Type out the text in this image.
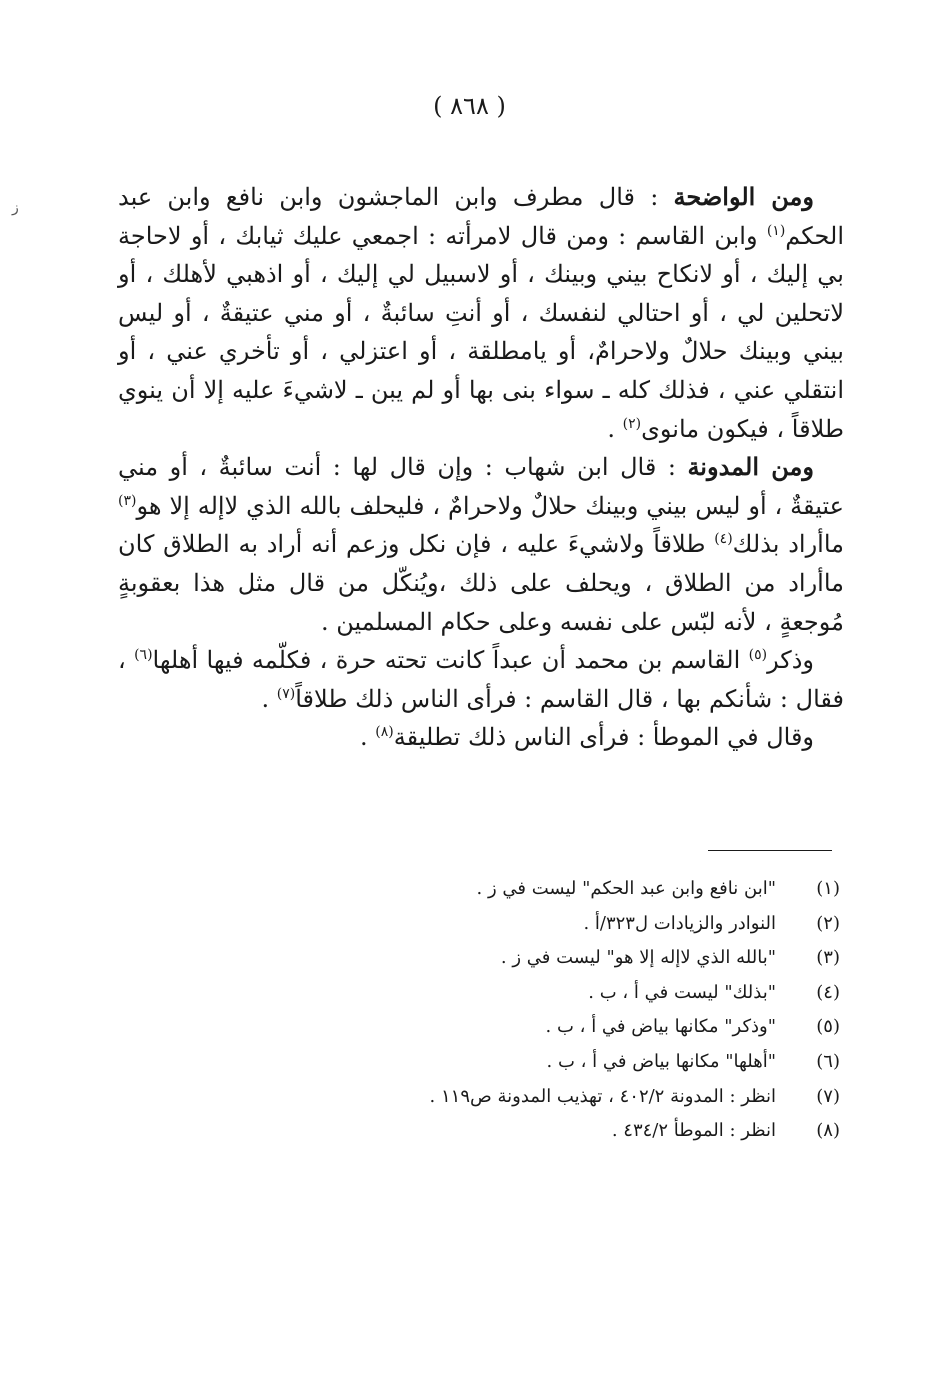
( ٨٦٨ )
ز	ومن الواضحة : قال مطرف وابن الماجشون وابن نافع وابن عبد الحكم$^{(١)}$ وابن القاسم : ومن قال لامرأته : اجمعي عليك ثيابك ، أو لاحاجة بي إليك ، أو لانكاح بيني وبينك ، أو لاسبيل لي إليك ، أو اذهبي لأهلك ، أو لاتحلين لي ، أو احتالي لنفسك ، أو أنتِ سائبةٌ ، أو مني عتيقةٌ ، أو ليس بيني وبينك حلالٌ ولاحرامٌ، أو يامطلقة ، أو اعتزلي ، أو تأخري عني ، أو انتقلي عني ، فذلك كله ـ سواء بنى بها أو لم يبن ـ لاشيءَ عليه إلا أن ينوي طلاقاً ، فيكون مانوى$^{(٢)}$ .

ومن المدونة : قال ابن شهاب : وإن قال لها : أنت سائبةٌ ، أو مني عتيقةٌ ، أو ليس بيني وبينك حلالٌ ولاحرامٌ ، فليحلف بالله الذي لاإله إلا هو$^{(٣)}$ ماأراد بذلك$^{(٤)}$ طلاقاً ولاشيءَ عليه ، فإن نكل وزعم أنه أراد به الطلاق كان ماأراد من الطلاق ، ويحلف على ذلك ،ويُنكّل من قال مثل هذا بعقوبةٍ مُوجعةٍ ، لأنه لبّس على نفسه وعلى حكام المسلمين .

وذكر$^{(٥)}$ القاسم بن محمد أن عبداً كانت تحته حرة ، فكلّمه فيها أهلها$^{(٦)}$ ، فقال : شأنكم بها ، قال القاسم : فرأى الناس ذلك طلاقاً$^{(٧)}$ .

وقال في الموطأ : فرأى الناس ذلك تطليقة$^{(٨)}$ .

(١)"ابن نافع وابن عبد الحكم" ليست في ز .
(٢)النوادر والزيادات ل٣٢٣/أ .
(٣)"بالله الذي لاإله إلا هو" ليست في ز .
(٤)"بذلك" ليست في أ ، ب .
(٥)"وذكر" مكانها بياض في أ ، ب .
(٦)"أهلها" مكانها بياض في أ ، ب .
(٧)انظر : المدونة ٤٠٢/٢ ، تهذيب المدونة ص١١٩ .
(٨)انظر : الموطأ ٤٣٤/٢ .
